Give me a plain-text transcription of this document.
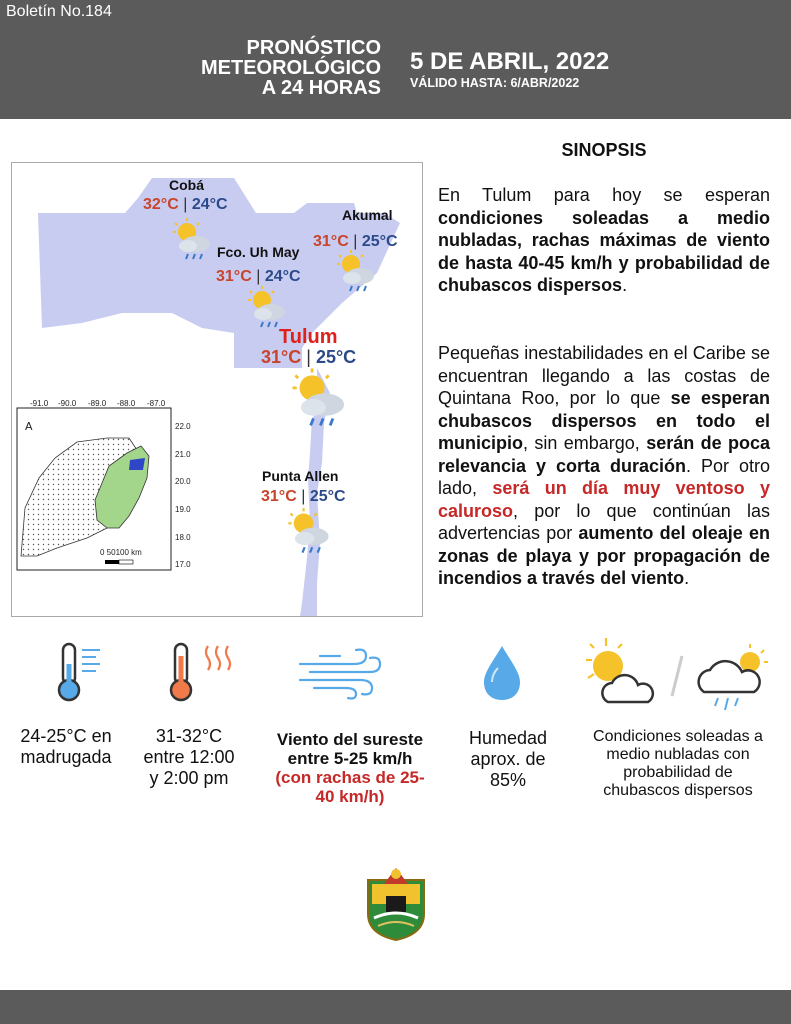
Boletín No.184
PRONÓSTICO
METEOROLÓGICO
A 24 HORAS
5 DE ABRIL, 2022
VÁLIDO HASTA: 6/ABR/2022
A
-91.0 -90.0 -89.0 -88.0 -87.0
22.0
21.0
20.0
19.0
18.0
17.0
0 50100 km
Cobá
32°C | 24°C
Fco. Uh May
31°C | 24°C
Akumal
31°C | 25°C
Tulum
31°C | 25°C
Punta Allen
31°C | 25°C
SINOPSIS
En Tulum para hoy se esperan condiciones soleadas a medio nubladas, rachas máximas de viento de hasta 40-45 km/h y probabilidad de chubascos dispersos.
Pequeñas inestabilidades en el Caribe se encuentran llegando a las costas de Quintana Roo, por lo que se esperan chubascos dispersos en todo el municipio, sin embargo, serán de poca relevancia y corta duración. Por otro lado, será un día muy ventoso y caluroso, por lo que continúan las advertencias por aumento del oleaje en zonas de playa y por propagación de incendios a través del viento.
24-25°C en
madrugada
31-32°C
entre 12:00
y 2:00 pm
Viento del sureste
entre 5-25 km/h
(con rachas de 25-
40 km/h)
Humedad
aprox. de
85%
Condiciones soleadas a
medio nubladas con
probabilidad de
chubascos dispersos
